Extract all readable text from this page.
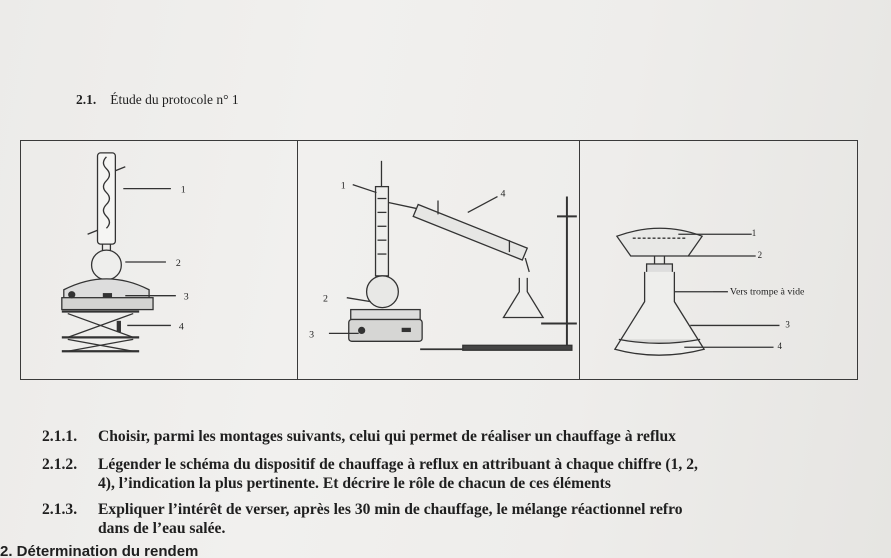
2.1. Étude du protocole n° 1
1
2
3
4
1
4
2
3
1
2
Vers trompe à vide
3
4
2.1.1. Choisir, parmi les montages suivants, celui qui permet de réaliser un chauffage à reflux
2.1.2. Légender le schéma du dispositif de chauffage à reflux en attribuant à chaque chiffre (1, 2,
4), l’indication la plus pertinente. Et décrire le rôle de chacun de ces éléments
2.1.3. Expliquer l’intérêt de verser, après les 30 min de chauffage, le mélange réactionnel refro
dans de l’eau salée.
2. Détermination du rendem
